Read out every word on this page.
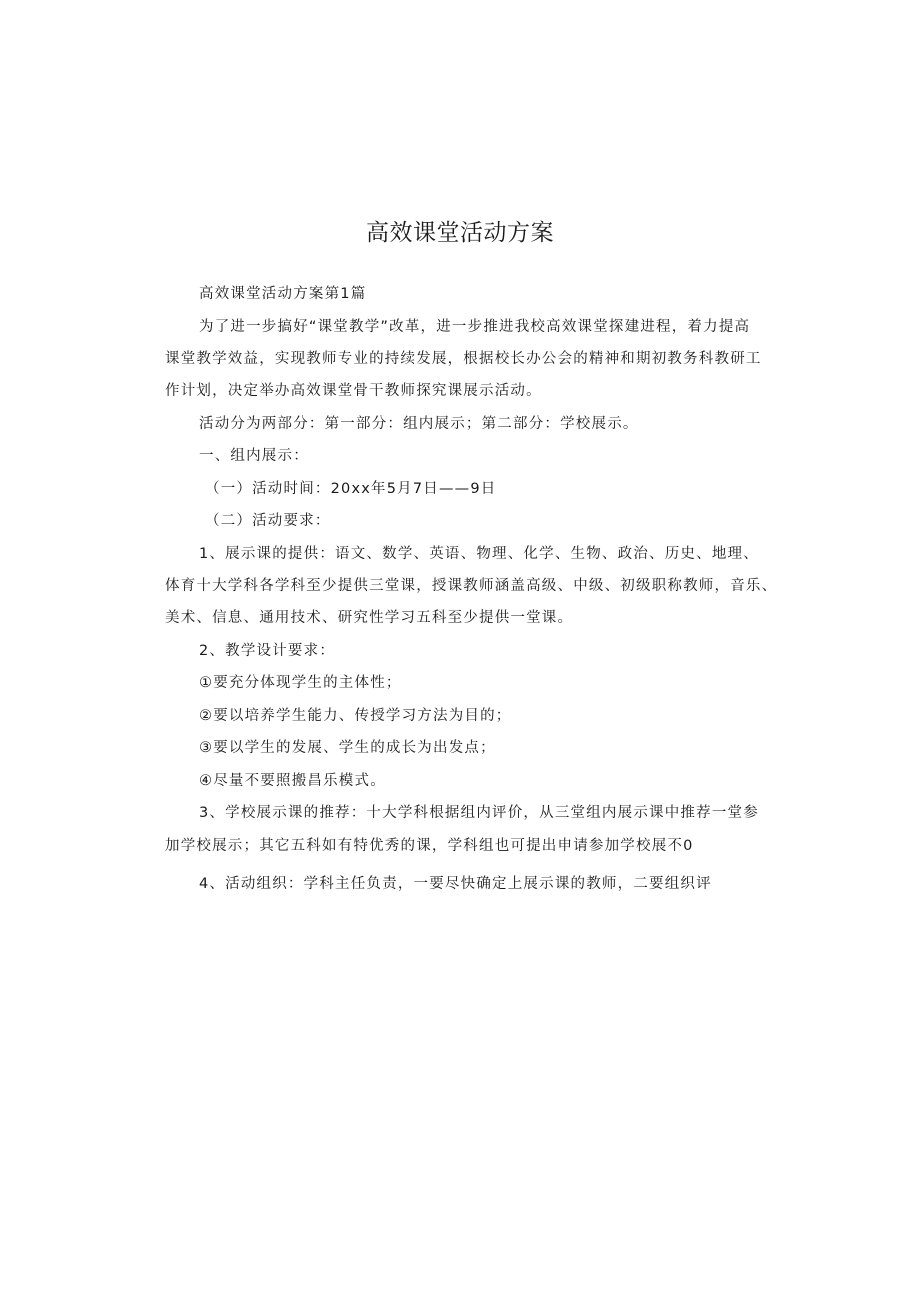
高效课堂活动方案

高效课堂活动方案第1篇

为了进一步搞好“课堂教学”改革，进一步推进我校高效课堂探建进程，着力提高

课堂教学效益，实现教师专业的持续发展，根据校长办公会的精神和期初教务科教研工

作计划，决定举办高效课堂骨干教师探究课展示活动。

活动分为两部分：第一部分：组内展示；第二部分：学校展示。

一、组内展示：

（一）活动时间：20xx年5月7日——9日

（二）活动要求：

1、展示课的提供：语文、数学、英语、物理、化学、生物、政治、历史、地理、

体育十大学科各学科至少提供三堂课，授课教师涵盖高级、中级、初级职称教师，音乐、

美术、信息、通用技术、研究性学习五科至少提供一堂课。

2、教学设计要求：

①要充分体现学生的主体性；

②要以培养学生能力、传授学习方法为目的；

③要以学生的发展、学生的成长为出发点；

④尽量不要照搬昌乐模式。

3、学校展示课的推荐：十大学科根据组内评价，从三堂组内展示课中推荐一堂参

加学校展示；其它五科如有特优秀的课，学科组也可提出申请参加学校展不0

4、活动组织：学科主任负责，一要尽快确定上展示课的教师，二要组织评
